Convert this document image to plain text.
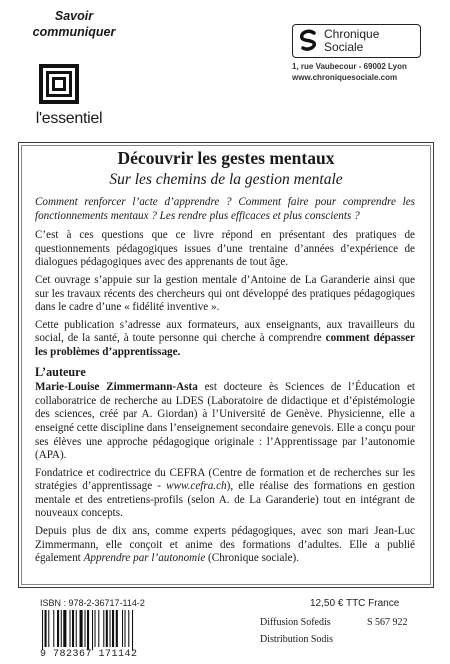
Savoir
communiquer
l'essentiel
Chronique
Sociale
1, rue Vaubecour - 69002 Lyon
www.chroniquesociale.com
Découvrir les gestes mentaux
Sur les chemins de la gestion mentale

Comment renforcer l’acte d’apprendre ? Comment faire pour comprendre les fonctionnements mentaux ? Les rendre plus efficaces et plus conscients ?

C’est à ces questions que ce livre répond en présentant des pratiques de questionnements pédagogiques issues d’une trentaine d’années d’expérience de dialogues pédagogiques avec des apprenants de tout âge.

Cet ouvrage s’appuie sur la gestion mentale d’Antoine de La Garanderie ainsi que sur les travaux récents des chercheurs qui ont développé des pratiques pédagogiques dans le cadre d’une « fidélité inventive ».

Cette publication s’adresse aux formateurs, aux enseignants, aux travailleurs du social, de la santé, à toute personne qui cherche à comprendre comment dépasser les problèmes d’apprentissage.

L’auteure

Marie-Louise Zimmermann-Asta est docteure ès Sciences de l’Éducation et collaboratrice de recherche au LDES (Laboratoire de didactique et d’épistémologie des sciences, créé par A. Giordan) à l’Université de Genève. Physicienne, elle a enseigné cette discipline dans l’enseignement secondaire genevois. Elle a conçu pour ses élèves une approche pédagogique originale : l’Apprentissage par l’autonomie (APA).

Fondatrice et codirectrice du CEFRA (Centre de formation et de recherches sur les stratégies d’apprentissage - www.cefra.ch), elle réalise des formations en gestion mentale et des entretiens-profils (selon A. de La Garanderie) tout en intégrant de nouveaux concepts.

Depuis plus de dix ans, comme experts pédagogiques, avec son mari Jean-Luc Zimmermann, elle conçoit et anime des formations d’adultes. Elle a publié également Apprendre par l’autonomie (Chronique sociale).

ISBN : 978-2-36717-114-2
9 782367 171142
12,50 € TTC France
Diffusion Sofedis
Distribution Sodis
S 567 922
